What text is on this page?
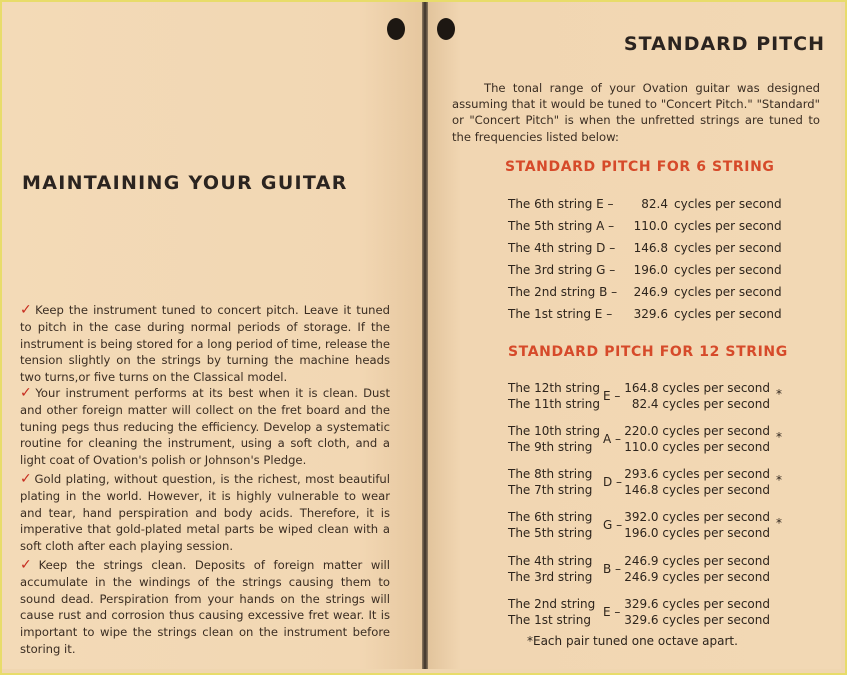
MAINTAINING YOUR GUITAR
✓ Keep the instrument tuned to concert pitch. Leave it tuned to pitch in the case during normal periods of storage. If the instrument is being stored for a long period of time, release the tension slightly on the strings by turning the machine heads two turns,or five turns on the Classical model.
✓ Your instrument performs at its best when it is clean. Dust and other foreign matter will collect on the fret board and the tuning pegs thus reducing the efficiency. Develop a systematic routine for cleaning the instrument, using a soft cloth, and a light coat of Ovation's polish or Johnson's Pledge.
✓ Gold plating, without question, is the richest, most beautiful plating in the world. However, it is highly vulnerable to wear and tear, hand perspiration and body acids. Therefore, it is imperative that gold-plated metal parts be wiped clean with a soft cloth after each playing session.
✓ Keep the strings clean. Deposits of foreign matter will accumulate in the windings of the strings causing them to sound dead. Perspiration from your hands on the strings will cause rust and corrosion thus causing excessive fret wear. It is important to wipe the strings clean on the instrument before storing it.
STANDARD PITCH
The tonal range of your Ovation guitar was designed assuming that it would be tuned to "Concert Pitch." "Standard" or "Concert Pitch" is when the unfretted strings are tuned to the frequencies listed below:
STANDARD PITCH FOR 6 STRING
The 6th string E – 82.4 cycles per second
The 5th string A – 110.0 cycles per second
The 4th string D – 146.8 cycles per second
The 3rd string G – 196.0 cycles per second
The 2nd string B – 246.9 cycles per second
The 1st string E – 329.6 cycles per second
STANDARD PITCH FOR 12 STRING
The 12th string
The 11th string
E –
164.8 cycles per second
82.4 cycles per second
*
The 10th string
The 9th string
A –
220.0 cycles per second
110.0 cycles per second
*
The 8th string
The 7th string
D –
293.6 cycles per second
146.8 cycles per second
*
The 6th string
The 5th string
G –
392.0 cycles per second
196.0 cycles per second
*
The 4th string
The 3rd string
B –
246.9 cycles per second
246.9 cycles per second
The 2nd string
The 1st string
E –
329.6 cycles per second
329.6 cycles per second
*Each pair tuned one octave apart.
